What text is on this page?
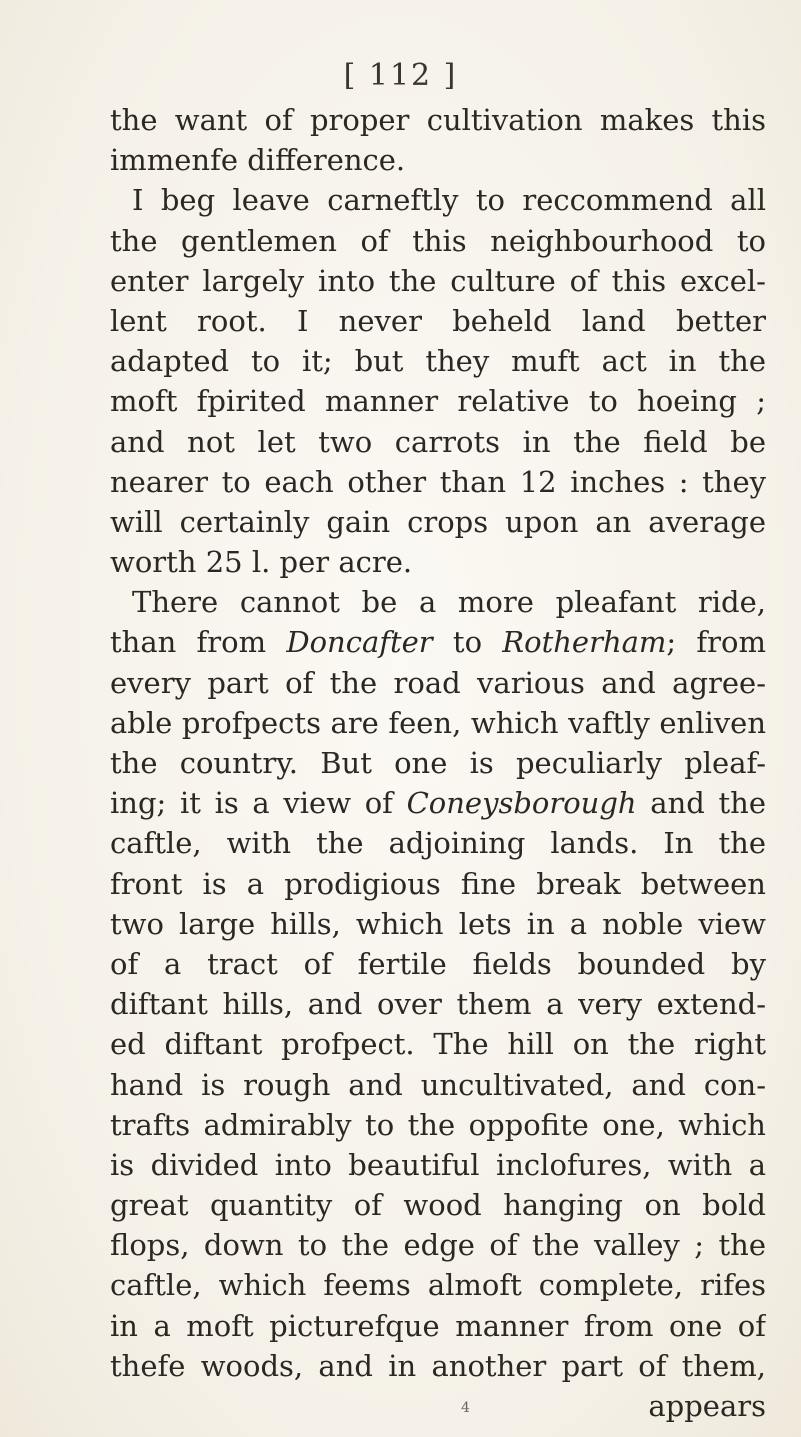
[ 112 ]
the want of proper cultivation makes this
immenfe difference.
I beg leave carneftly to reccommend all
the gentlemen of this neighbourhood to
enter largely into the culture of this excel-
lent root. I never beheld land better
adapted to it; but they muft act in the
moft fpirited manner relative to hoeing ;
and not let two carrots in the field be
nearer to each other than 12 inches : they
will certainly gain crops upon an average
worth 25 l. per acre.
There cannot be a more pleafant ride,
than from Doncafter to Rotherham; from
every part of the road various and agree-
able profpects are feen, which vaftly enliven
the country. But one is peculiarly pleaf-
ing; it is a view of Coneysborough and the
caftle, with the adjoining lands. In the
front is a prodigious fine break between
two large hills, which lets in a noble view
of a tract of fertile fields bounded by
diftant hills, and over them a very extend-
ed diftant profpect. The hill on the right
hand is rough and uncultivated, and con-
trafts admirably to the oppofite one, which
is divided into beautiful inclofures, with a
great quantity of wood hanging on bold
flops, down to the edge of the valley ; the
caftle, which feems almoft complete, rifes
in a moft picturefque manner from one of
thefe woods, and in another part of them,
appears
4
